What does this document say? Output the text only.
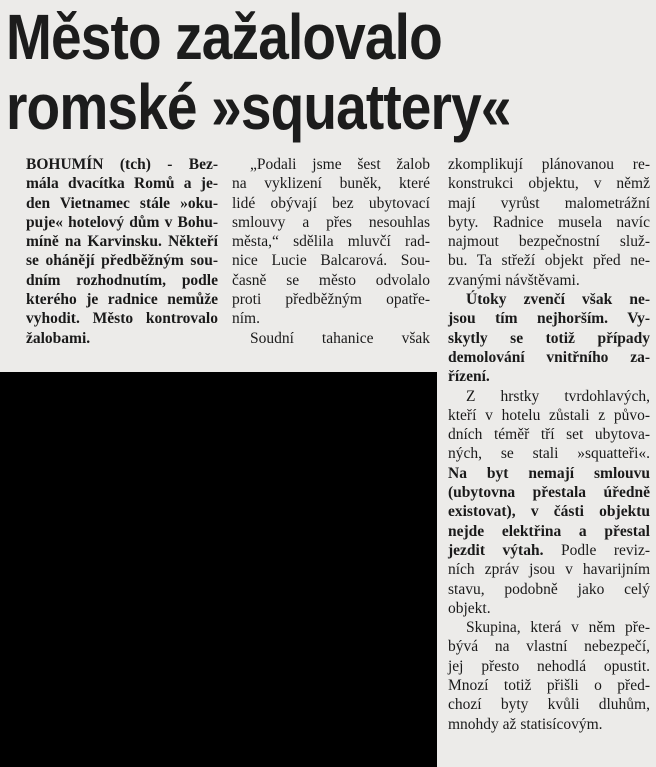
Město zažalovalo
romské »squattery«
BOHUMÍN (tch) - Bez-
mála dvacítka Romů a je-
den Vietnamec stále »oku-
puje« hotelový dům v Bohu-
míně na Karvinsku. Někteří
se ohánějí předběžným sou-
dním rozhodnutím, podle
kterého je radnice nemůže
vyhodit. Město kontrovalo
žalobami.
„Podali jsme šest žalob
na vyklizení buněk, které
lidé obývají bez ubytovací
smlouvy a přes nesouhlas
města,“ sdělila mluvčí rad-
nice Lucie Balcarová. Sou-
časně se město odvolalo
proti předběžným opatře-
ním.
Soudní tahanice však
zkomplikují plánovanou re-
konstrukci objektu, v němž
mají vyrůst malometrážní
byty. Radnice musela navíc
najmout bezpečnostní služ-
bu. Ta střeží objekt před ne-
zvanými návštěvami.
Útoky zvenčí však ne-
jsou tím nejhorším. Vy-
skytly se totiž případy
demolování vnitřního za-
řízení.
Z hrstky tvrdohlavých,
kteří v hotelu zůstali z půvo-
dních téměř tří set ubytova-
ných, se stali »squatteři«.
Na byt nemají smlouvu
(ubytovna přestala úředně
existovat), v části objektu
nejde elektřina a přestal
jezdit výtah. Podle reviz-
ních zpráv jsou v havarijním
stavu, podobně jako celý
objekt.
Skupina, která v něm pře-
bývá na vlastní nebezpečí,
jej přesto nehodlá opustit.
Mnozí totiž přišli o před-
chozí byty kvůli dluhům,
mnohdy až statisícovým.
